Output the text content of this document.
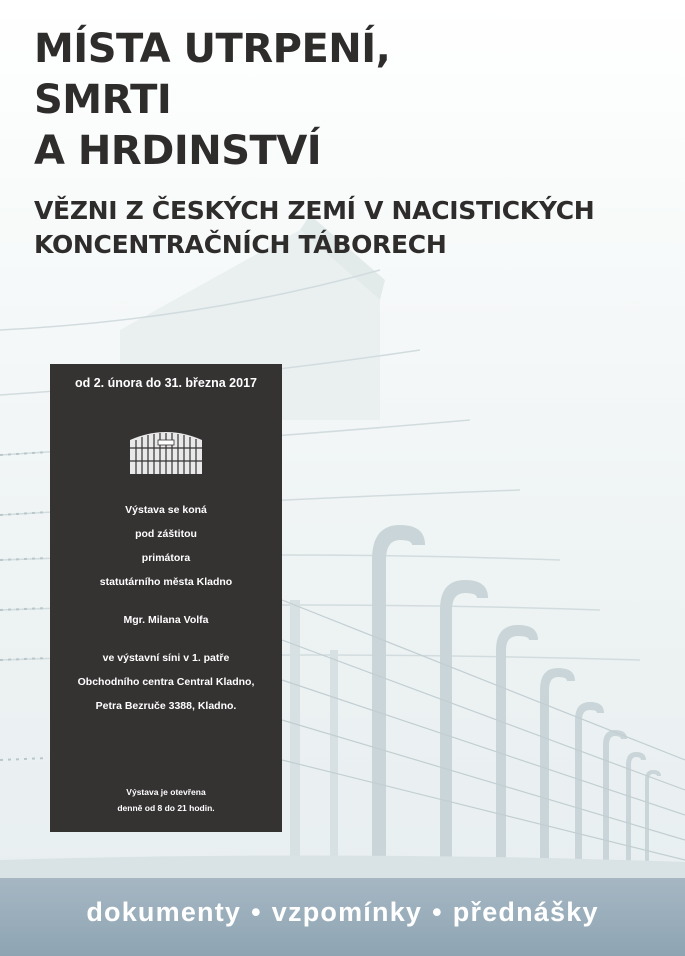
MÍSTA UTRPENÍ,
SMRTI
A HRDINSTVÍ
VĚZNI Z ČESKÝCH ZEMÍ V NACISTICKÝCH
KONCENTRAČNÍCH TÁBORECH
od 2. února do 31. března 2017
Výstava se koná
pod záštitou
primátora
statutárního města Kladno
Mgr. Milana Volfa
ve výstavní síni v 1. patře
Obchodního centra Central Kladno,
Petra Bezruče 3388, Kladno.
Výstava je otevřena
denně od 8 do 21 hodin.
dokumenty • vzpomínky • přednášky
